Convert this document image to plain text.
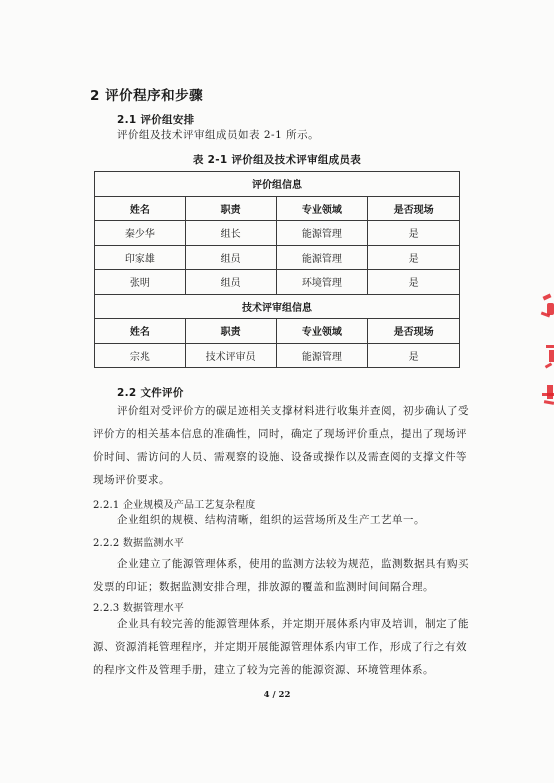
2 评价程序和步骤
2.1 评价组安排
评价组及技术评审组成员如表 2-1 所示。
表 2-1 评价组及技术评审组成员表
评价组信息			
姓名	职责	专业领域	是否现场
秦少华	组长	能源管理	是
印家雄	组员	能源管理	是
张明	组员	环境管理	是
技术评审组信息			
姓名	职责	专业领域	是否现场
宗兆	技术评审员	能源管理	是
2.2 文件评价
评价组对受评价方的碳足迹相关支撑材料进行收集并查阅，初步确认了受
评价方的相关基本信息的准确性，同时，确定了现场评价重点，提出了现场评
价时间、需访问的人员、需观察的设施、设备或操作以及需查阅的支撑文件等
现场评价要求。
2.2.1 企业规模及产品工艺复杂程度
企业组织的规模、结构清晰，组织的运营场所及生产工艺单一。
2.2.2 数据监测水平
企业建立了能源管理体系，使用的监测方法较为规范，监测数据具有购买
发票的印证；数据监测安排合理，排放源的覆盖和监测时间间隔合理。
2.2.3 数据管理水平
企业具有较完善的能源管理体系，并定期开展体系内审及培训，制定了能
源、资源消耗管理程序，并定期开展能源管理体系内审工作，形成了行之有效
的程序文件及管理手册，建立了较为完善的能源资源、环境管理体系。
4 / 22
